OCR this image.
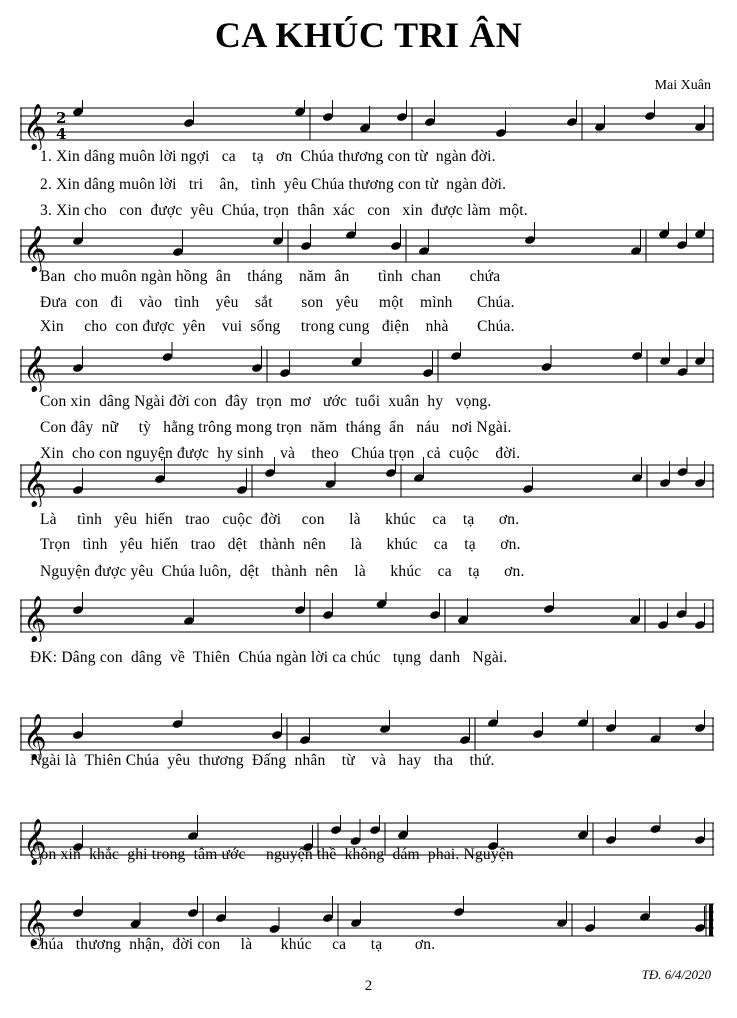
CA KHÚC TRI ÂN
Mai Xuân
𝄞 2
4
1. Xin dâng muôn lời ngợi   ca    tạ   ơn  Chúa thương con từ  ngàn đời.
2. Xin dâng muôn lời   tri    ân,   tình  yêu Chúa thương con từ  ngàn đời.
3. Xin cho   con  được  yêu  Chúa, trọn  thân  xác   con   xin  được làm  một.
𝄞
Ban  cho muôn ngàn hồng  ân    tháng    năm  ân       tình  chan       chứa
Đưa  con   đi    vào   tình    yêu    sắt       son   yêu     một    mình      Chúa.
Xin     cho  con được  yên    vui  sống     trong cung   điện    nhà       Chúa.
𝄞
Con xin  dâng Ngài đời con  đây  trọn  mơ   ước  tuổi  xuân  hy   vọng.
Con đây  nữ     tỳ   hằng trông mong trọn  năm  tháng  ẩn   náu   nơi Ngài.
Xin  cho con nguyện được  hy sinh    và    theo   Chúa trọn   cả  cuộc    đời.
𝄞
Là     tình   yêu  hiến   trao   cuộc  đời     con      là      khúc    ca    tạ      ơn.
Trọn   tình   yêu  hiến   trao   dệt   thành  nên      là      khúc    ca    tạ      ơn.
Nguyện được yêu  Chúa luôn,  dệt   thành  nên    là      khúc    ca    tạ      ơn.
𝄞
ĐK: Dâng con  dâng  về  Thiên  Chúa ngàn lời ca chúc   tụng  danh   Ngài.
𝄞
Ngài là  Thiên Chúa  yêu  thương  Đấng  nhân    từ    và   hay   tha    thứ.
𝄞
Con xin  khắc  ghi trong  tâm ước     nguyện thề  không  dám  phai. Nguyện
𝄞
Chúa   thương  nhận,  đời con     là       khúc     ca      tạ        ơn.
2
TĐ. 6/4/2020
